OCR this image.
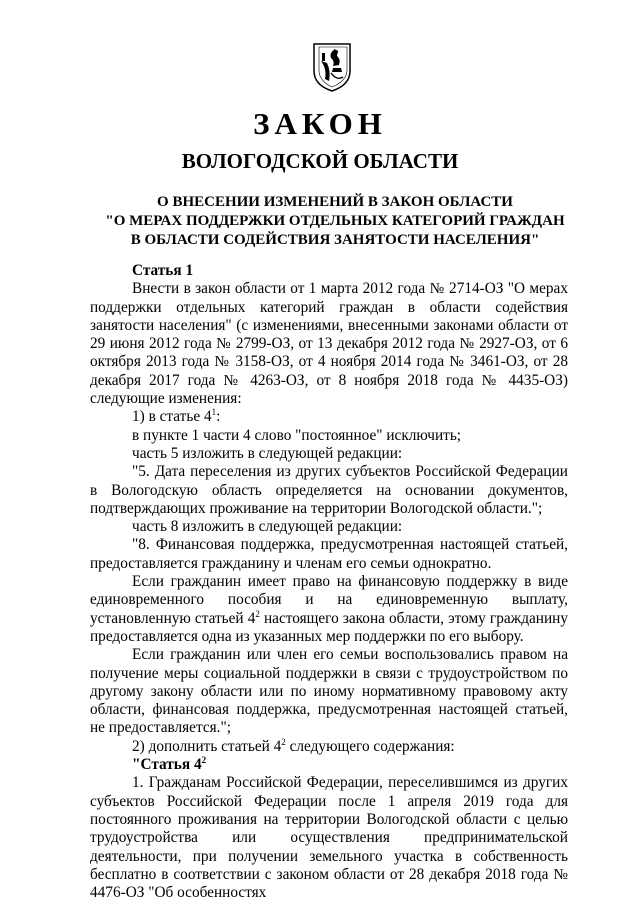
ЗАКОН
ВОЛОГОДСКОЙ ОБЛАСТИ
О ВНЕСЕНИИ ИЗМЕНЕНИЙ В ЗАКОН ОБЛАСТИ
"О МЕРАХ ПОДДЕРЖКИ ОТДЕЛЬНЫХ КАТЕГОРИЙ ГРАЖДАН
В ОБЛАСТИ СОДЕЙСТВИЯ ЗАНЯТОСТИ НАСЕЛЕНИЯ"

Статья 1

Внести в закон области от 1 марта 2012 года № 2714-ОЗ "О мерах поддержки отдельных категорий граждан в области содействия занятости населения" (с изменениями, внесенными законами области от 29 июня 2012 года № 2799-ОЗ, от 13 декабря 2012 года № 2927-ОЗ, от 6 октября 2013 года № 3158-ОЗ, от 4 ноября 2014 года № 3461-ОЗ, от 28 декабря 2017 года № 4263-ОЗ, от 8 ноября 2018 года № 4435-ОЗ) следующие изменения:

1) в статье $4^1$:

в пункте 1 части 4 слово "постоянное" исключить;

часть 5 изложить в следующей редакции:

"5. Дата переселения из других субъектов Российской Федерации в Вологодскую область определяется на основании документов, подтверждающих проживание на территории Вологодской области.";

часть 8 изложить в следующей редакции:

"8. Финансовая поддержка, предусмотренная настоящей статьей, предоставляется гражданину и членам его семьи однократно.

Если гражданин имеет право на финансовую поддержку в виде единовременного пособия и на единовременную выплату, установленную статьей $4^2$ настоящего закона области, этому гражданину предоставляется одна из указанных мер поддержки по его выбору.

Если гражданин или член его семьи воспользовались правом на получение меры социальной поддержки в связи с трудоустройством по другому закону области или по иному нормативному правовому акту области, финансовая поддержка, предусмотренная настоящей статьей, не предоставляется.";

2) дополнить статьей $4^2$ следующего содержания:

"Статья $4^2$

1. Гражданам Российской Федерации, переселившимся из других субъектов Российской Федерации после 1 апреля 2019 года для постоянного проживания на территории Вологодской области с целью трудоустройства или осуществления предпринимательской деятельности, при получении земельного участка в собственность бесплатно в соответствии с законом области от 28 декабря 2018 года № 4476-ОЗ "Об особенностях
